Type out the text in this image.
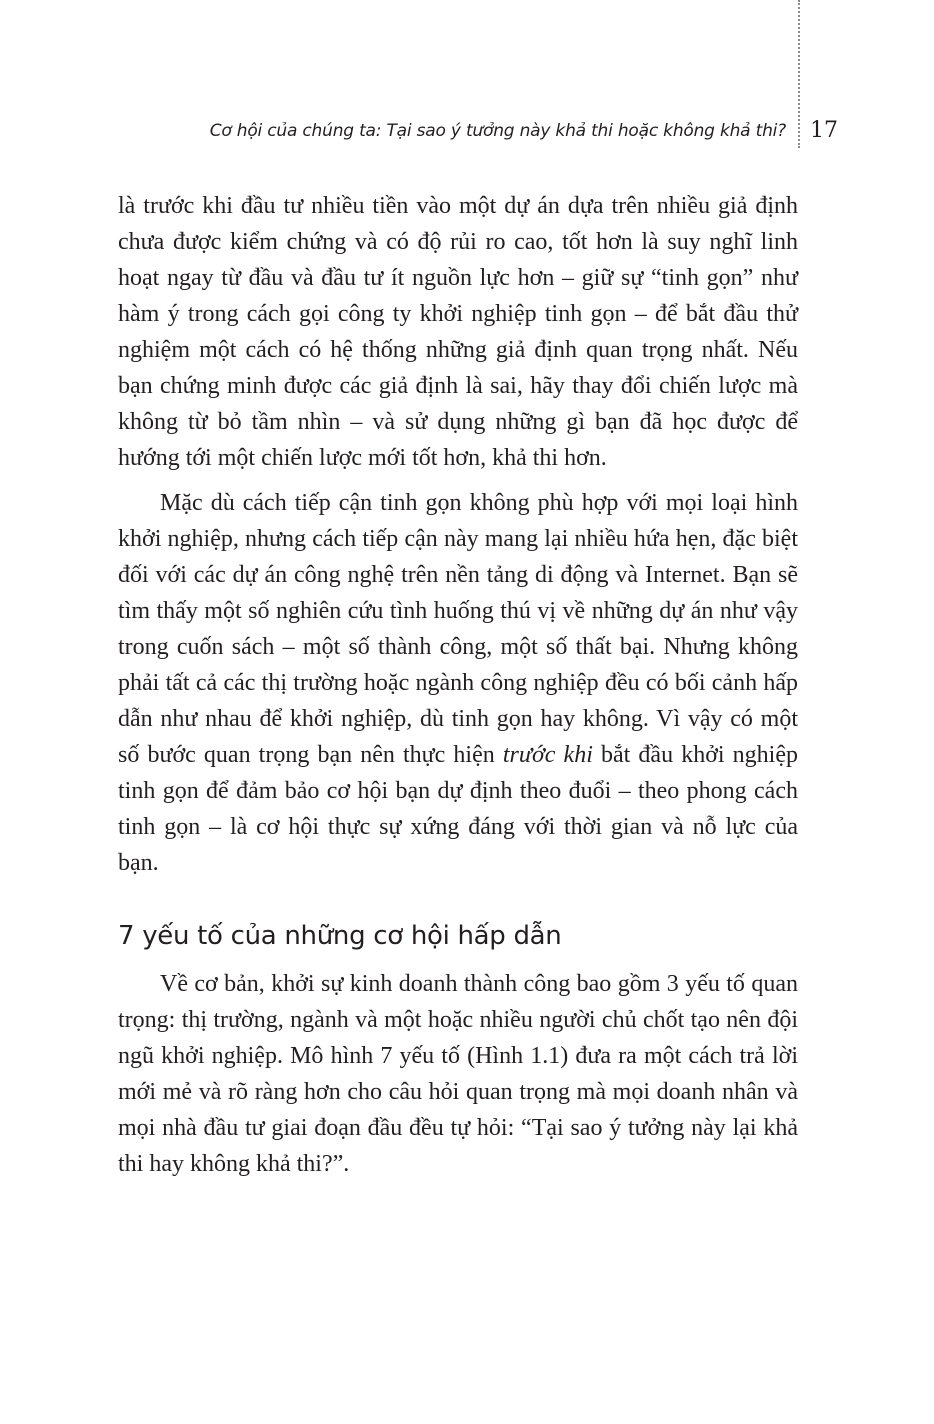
Cơ hội của chúng ta: Tại sao ý tưởng này khả thi hoặc không khả thi? 17

là trước khi đầu tư nhiều tiền vào một dự án dựa trên nhiều giả định chưa được kiểm chứng và có độ rủi ro cao, tốt hơn là suy nghĩ linh hoạt ngay từ đầu và đầu tư ít nguồn lực hơn – giữ sự “tinh gọn” như hàm ý trong cách gọi công ty khởi nghiệp tinh gọn – để bắt đầu thử nghiệm một cách có hệ thống những giả định quan trọng nhất. Nếu bạn chứng minh được các giả định là sai, hãy thay đổi chiến lược mà không từ bỏ tầm nhìn – và sử dụng những gì bạn đã học được để hướng tới một chiến lược mới tốt hơn, khả thi hơn.

Mặc dù cách tiếp cận tinh gọn không phù hợp với mọi loại hình khởi nghiệp, nhưng cách tiếp cận này mang lại nhiều hứa hẹn, đặc biệt đối với các dự án công nghệ trên nền tảng di động và Internet. Bạn sẽ tìm thấy một số nghiên cứu tình huống thú vị về những dự án như vậy trong cuốn sách – một số thành công, một số thất bại. Nhưng không phải tất cả các thị trường hoặc ngành công nghiệp đều có bối cảnh hấp dẫn như nhau để khởi nghiệp, dù tinh gọn hay không. Vì vậy có một số bước quan trọng bạn nên thực hiện trước khi bắt đầu khởi nghiệp tinh gọn để đảm bảo cơ hội bạn dự định theo đuổi – theo phong cách tinh gọn – là cơ hội thực sự xứng đáng với thời gian và nỗ lực của bạn.

7 yếu tố của những cơ hội hấp dẫn

Về cơ bản, khởi sự kinh doanh thành công bao gồm 3 yếu tố quan trọng: thị trường, ngành và một hoặc nhiều người chủ chốt tạo nên đội ngũ khởi nghiệp. Mô hình 7 yếu tố (Hình 1.1) đưa ra một cách trả lời mới mẻ và rõ ràng hơn cho câu hỏi quan trọng mà mọi doanh nhân và mọi nhà đầu tư giai đoạn đầu đều tự hỏi: “Tại sao ý tưởng này lại khả thi hay không khả thi?”.
